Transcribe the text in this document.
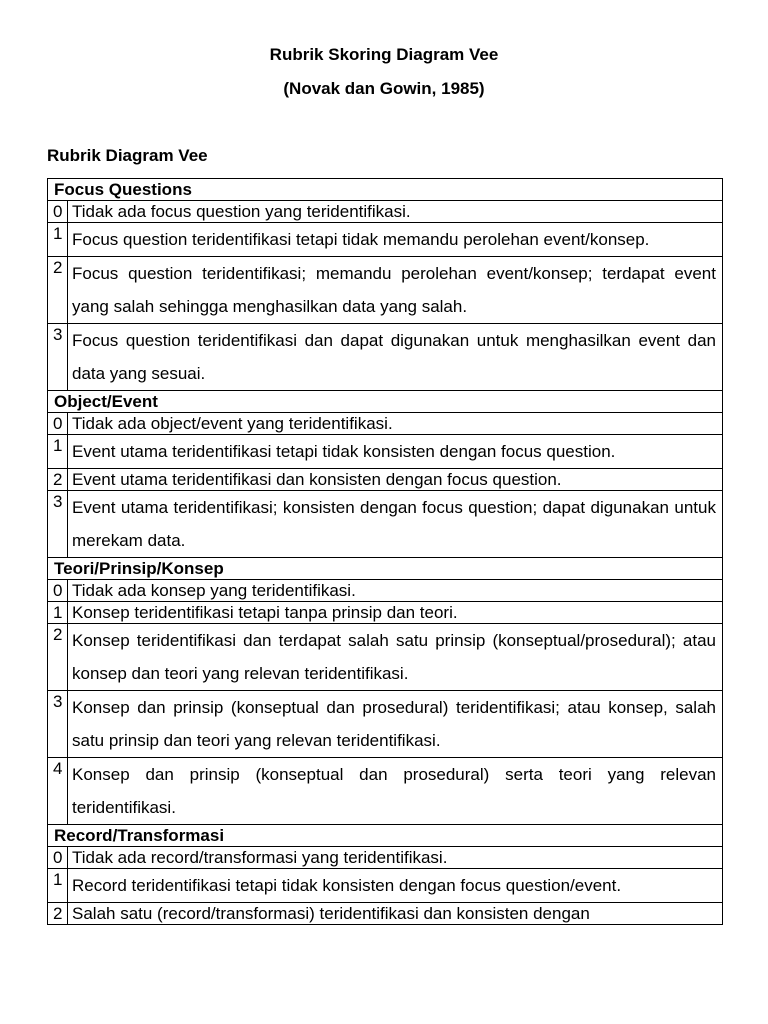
Rubrik Skoring Diagram Vee
(Novak dan Gowin, 1985)
Rubrik Diagram Vee
Focus Questions	
0	Tidak ada focus question yang teridentifikasi.
1	Focus question teridentifikasi tetapi tidak memandu perolehan event/konsep.
2	Focus question teridentifikasi; memandu perolehan event/konsep; terdapat event yang salah sehingga menghasilkan data yang salah.
3	Focus question teridentifikasi dan dapat digunakan untuk menghasilkan event dan data yang sesuai.
Object/Event	
0	Tidak ada object/event yang teridentifikasi.
1	Event utama teridentifikasi tetapi tidak konsisten dengan focus question.
2	Event utama teridentifikasi dan konsisten dengan focus question.
3	Event utama teridentifikasi; konsisten dengan focus question; dapat digunakan untuk merekam data.
Teori/Prinsip/Konsep	
0	Tidak ada konsep yang teridentifikasi.
1	Konsep teridentifikasi tetapi tanpa prinsip dan teori.
2	Konsep teridentifikasi dan terdapat salah satu prinsip (konseptual/prosedural); atau konsep dan teori yang relevan teridentifikasi.
3	Konsep dan prinsip (konseptual dan prosedural) teridentifikasi; atau konsep, salah satu prinsip dan teori yang relevan teridentifikasi.
4	Konsep dan prinsip (konseptual dan prosedural) serta teori yang relevan teridentifikasi.
Record/Transformasi	
0	Tidak ada record/transformasi yang teridentifikasi.
1	Record teridentifikasi tetapi tidak konsisten dengan focus question/event.
2	Salah satu (record/transformasi) teridentifikasi dan konsisten dengan
